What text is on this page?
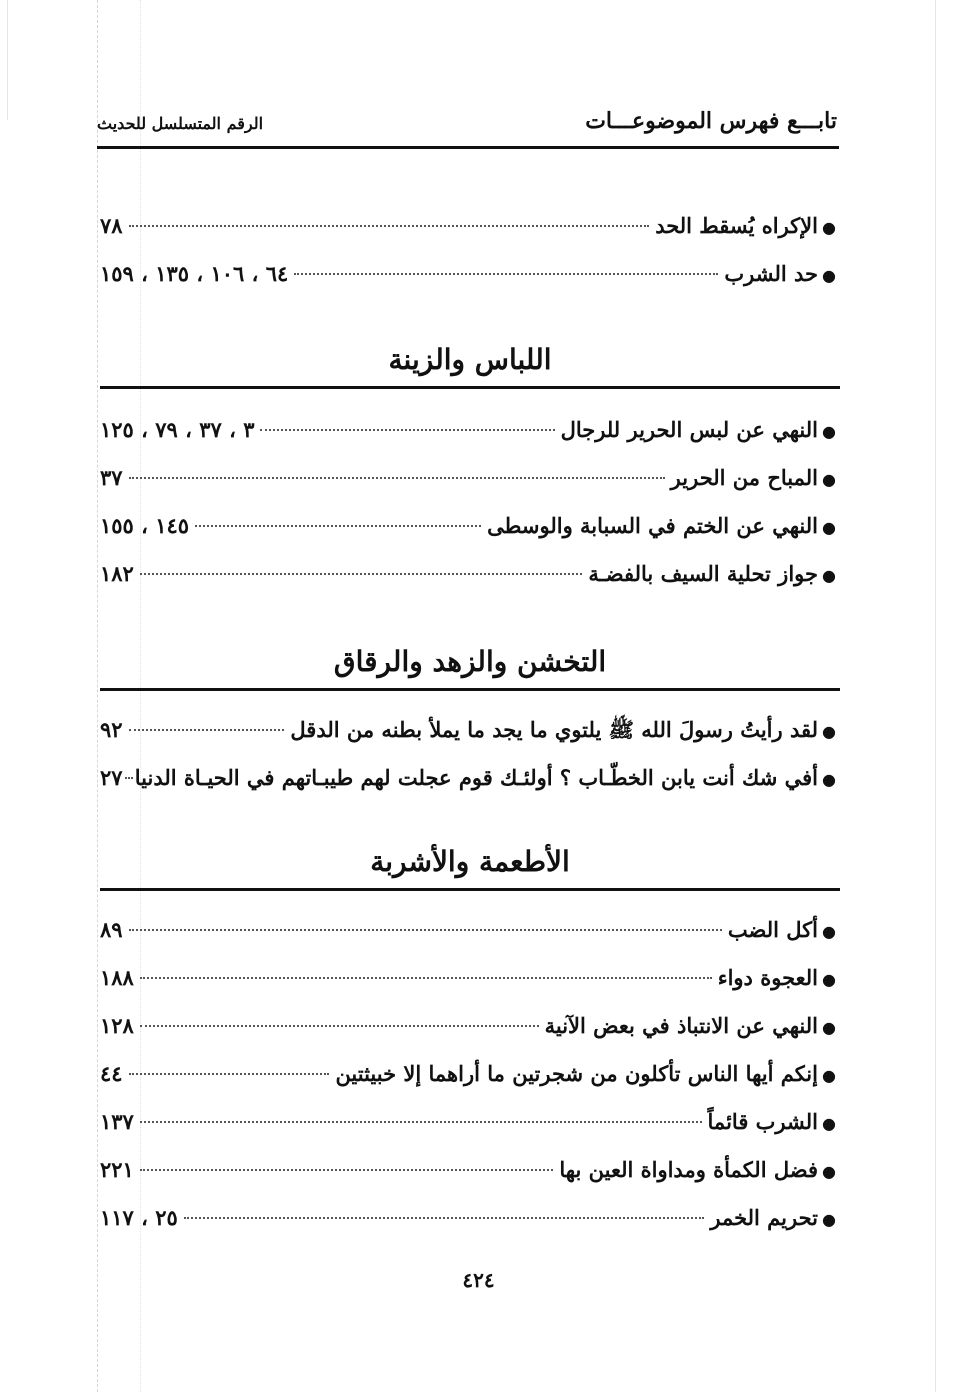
تابـــع فهرس الموضوعـــات
الرقم المتسلسل للحديث
●
الإكراه يُسقط الحد
٧٨
●
حد الشرب
٦٤ ، ١٠٦ ، ١٣٥ ، ١٥٩
اللباس والزينة
●
النهي عن لبس الحرير للرجال
٣ ، ٣٧ ، ٧٩ ، ١٢٥
●
المباح من الحرير
٣٧
●
النهي عن الختم في السبابة والوسطى
١٤٥ ، ١٥٥
●
جواز تحلية السيف بالفضـة
١٨٢
التخشن والزهد والرقاق
●
لقد رأيتُ رسولَ الله ﷺ يلتوي ما يجد ما يملأ بطنه من الدقل
٩٢
●
أفي شك أنت يابن الخطّـاب ؟ أولئـك قوم عجلت لهم طيبـاتهم في الحيـاة الدنيا
٢٧
الأطعمة والأشربة
●
أكل الضب
٨٩
●
العجوة دواء
١٨٨
●
النهي عن الانتباذ في بعض الآنية
١٢٨
●
إنكم أيها الناس تأكلون من شجرتين ما أراهما إلا خبيثتين
٤٤
●
الشرب قائماً
١٣٧
●
فضل الكمأة ومداواة العين بها
٢٢١
●
تحريم الخمر
٢٥ ، ١١٧
٤٢٤
